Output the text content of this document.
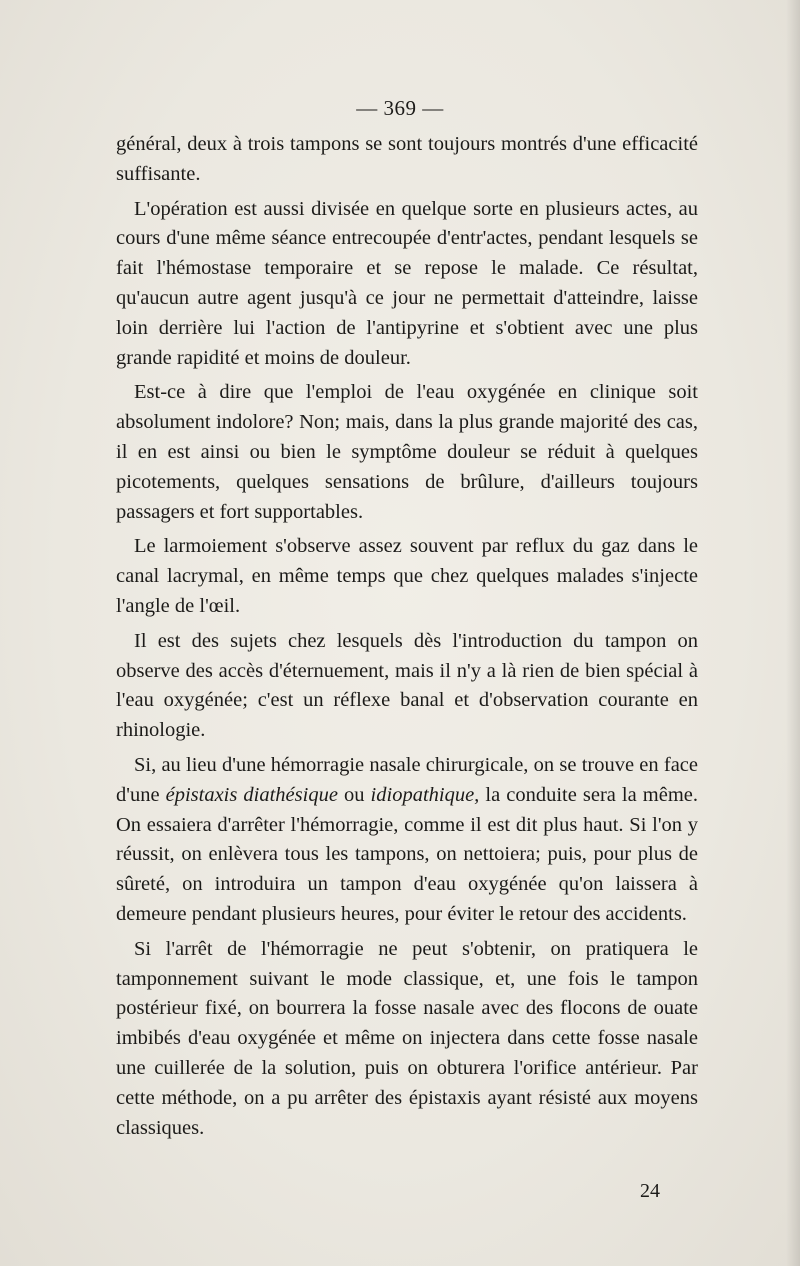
— 369 —

général, deux à trois tampons se sont toujours montrés d'une efficacité suffisante.

L'opération est aussi divisée en quelque sorte en plusieurs actes, au cours d'une même séance entrecoupée d'entr'actes, pendant lesquels se fait l'hémostase temporaire et se repose le malade. Ce résultat, qu'aucun autre agent jusqu'à ce jour ne permettait d'atteindre, laisse loin derrière lui l'action de l'antipyrine et s'obtient avec une plus grande rapidité et moins de douleur.

Est-ce à dire que l'emploi de l'eau oxygénée en clinique soit absolument indolore? Non; mais, dans la plus grande majorité des cas, il en est ainsi ou bien le symptôme douleur se réduit à quelques picotements, quelques sensations de brûlure, d'ailleurs toujours passagers et fort supportables.

Le larmoiement s'observe assez souvent par reflux du gaz dans le canal lacrymal, en même temps que chez quelques malades s'injecte l'angle de l'œil.

Il est des sujets chez lesquels dès l'introduction du tampon on observe des accès d'éternuement, mais il n'y a là rien de bien spécial à l'eau oxygénée; c'est un réflexe banal et d'observation courante en rhinologie.

Si, au lieu d'une hémorragie nasale chirurgicale, on se trouve en face d'une épistaxis diathésique ou idiopathique, la conduite sera la même. On essaiera d'arrêter l'hémorragie, comme il est dit plus haut. Si l'on y réussit, on enlèvera tous les tampons, on nettoiera; puis, pour plus de sûreté, on introduira un tampon d'eau oxygénée qu'on laissera à demeure pendant plusieurs heures, pour éviter le retour des accidents.

Si l'arrêt de l'hémorragie ne peut s'obtenir, on pratiquera le tamponnement suivant le mode classique, et, une fois le tampon postérieur fixé, on bourrera la fosse nasale avec des flocons de ouate imbibés d'eau oxygénée et même on injectera dans cette fosse nasale une cuillerée de la solution, puis on obturera l'orifice antérieur. Par cette méthode, on a pu arrêter des épistaxis ayant résisté aux moyens classiques.

24
